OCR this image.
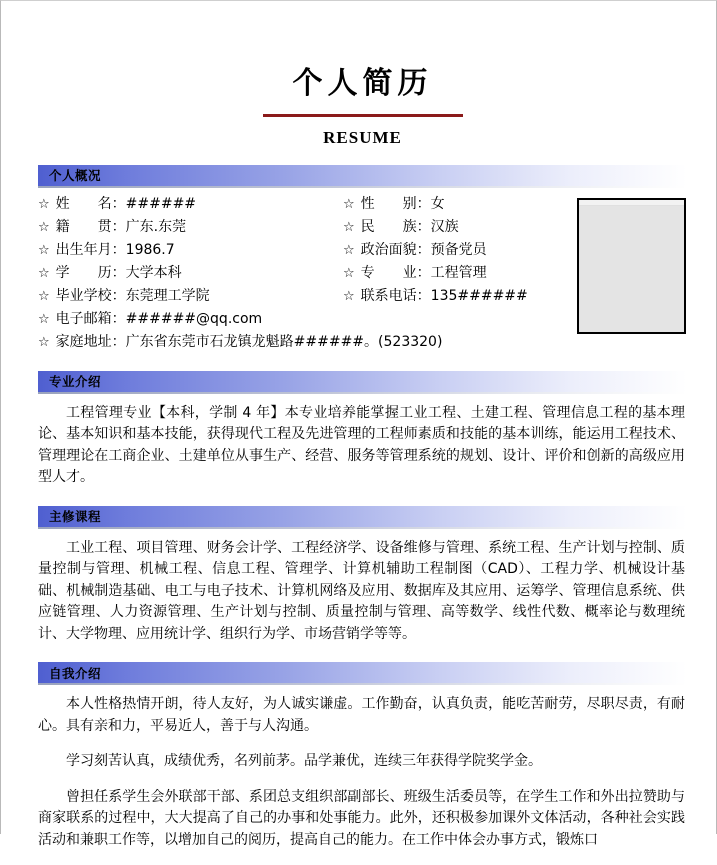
个人简历
RESUME
个人概况
☆ 姓　　名： ######
☆ 籍　　贯： 广东.东莞
☆ 出生年月： 1986.7
☆ 学　　历： 大学本科
☆ 毕业学校： 东莞理工学院
☆ 性　　别： 女
☆ 民　　族： 汉族
☆ 政治面貌： 预备党员
☆ 专　　业： 工程管理
☆ 联系电话： 135######
☆ 电子邮箱： ######@qq.com
☆ 家庭地址： 广东省东莞市石龙镇龙魁路######。(523320)
专业介绍

工程管理专业【本科，学制 4 年】本专业培养能掌握工业工程、土建工程、管理信息工程的基本理论、基本知识和基本技能，获得现代工程及先进管理的工程师素质和技能的基本训练，能运用工程技术、管理理论在工商企业、土建单位从事生产、经营、服务等管理系统的规划、设计、评价和创新的高级应用型人才。

主修课程

工业工程、项目管理、财务会计学、工程经济学、设备维修与管理、系统工程、生产计划与控制、质量控制与管理、机械工程、信息工程、管理学、计算机辅助工程制图（CAD）、工程力学、机械设计基础、机械制造基础、电工与电子技术、计算机网络及应用、数据库及其应用、运筹学、管理信息系统、供应链管理、人力资源管理、生产计划与控制、质量控制与管理、高等数学、线性代数、概率论与数理统计、大学物理、应用统计学、组织行为学、市场营销学等等。

自我介绍

本人性格热情开朗，待人友好，为人诚实谦虚。工作勤奋，认真负责，能吃苦耐劳，尽职尽责，有耐心。具有亲和力，平易近人，善于与人沟通。

学习刻苦认真，成绩优秀，名列前茅。品学兼优，连续三年获得学院奖学金。

曾担任系学生会外联部干部、系团总支组织部副部长、班级生活委员等，在学生工作和外出拉赞助与商家联系的过程中，大大提高了自己的办事和处事能力。此外，还积极参加课外文体活动，各种社会实践活动和兼职工作等，以增加自己的阅历，提高自己的能力。在工作中体会办事方式，锻炼口
